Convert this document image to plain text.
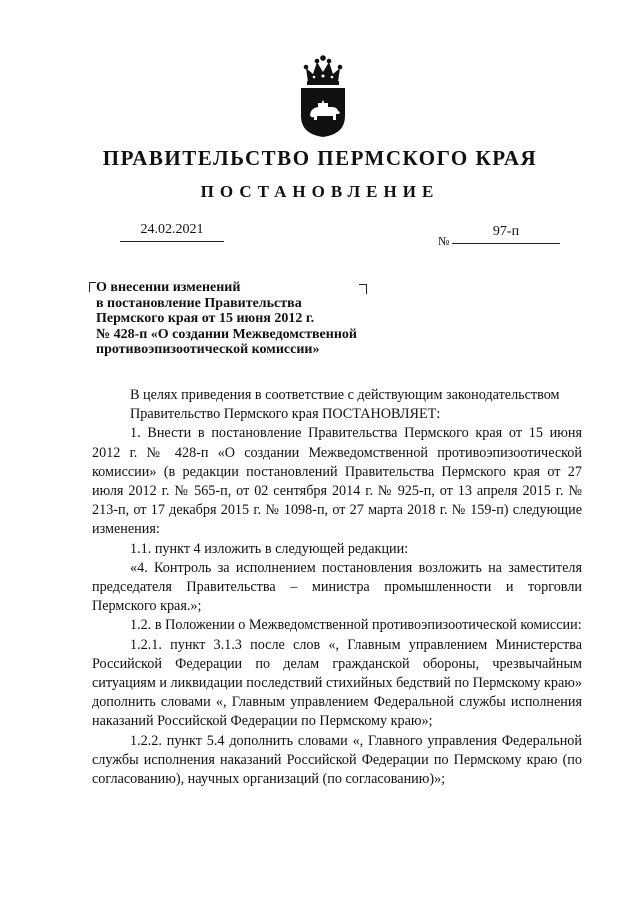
ПРАВИТЕЛЬСТВО ПЕРМСКОГО КРАЯ
ПОСТАНОВЛЕНИЕ
24.02.2021
№
97-п
О внесении изменений
в постановление Правительства
Пермского края от 15 июня 2012 г.
№ 428-п «О создании Межведомственной
противоэпизоотической комиссии»

В целях приведения в соответствие с действующим законодательством

Правительство Пермского края ПОСТАНОВЛЯЕТ:

1. Внести в постановление Правительства Пермского края от 15 июня 2012 г. № 428-п «О создании Межведомственной противоэпизоотической комиссии» (в редакции постановлений Правительства Пермского края от 27 июля 2012 г. № 565-п, от 02 сентября 2014 г. № 925-п, от 13 апреля 2015 г. № 213-п, от 17 декабря 2015 г. № 1098-п, от 27 марта 2018 г. № 159-п) следующие изменения:

1.1. пункт 4 изложить в следующей редакции:

«4. Контроль за исполнением постановления возложить на заместителя председателя Правительства – министра промышленности и торговли Пермского края.»;

1.2. в Положении о Межведомственной противоэпизоотической комиссии:

1.2.1. пункт 3.1.3 после слов «, Главным управлением Министерства Российской Федерации по делам гражданской обороны, чрезвычайным ситуациям и ликвидации последствий стихийных бедствий по Пермскому краю» дополнить словами «, Главным управлением Федеральной службы исполнения наказаний Российской Федерации по Пермскому краю»;

1.2.2. пункт 5.4 дополнить словами «, Главного управления Федеральной службы исполнения наказаний Российской Федерации по Пермскому краю (по согласованию), научных организаций (по согласованию)»;
